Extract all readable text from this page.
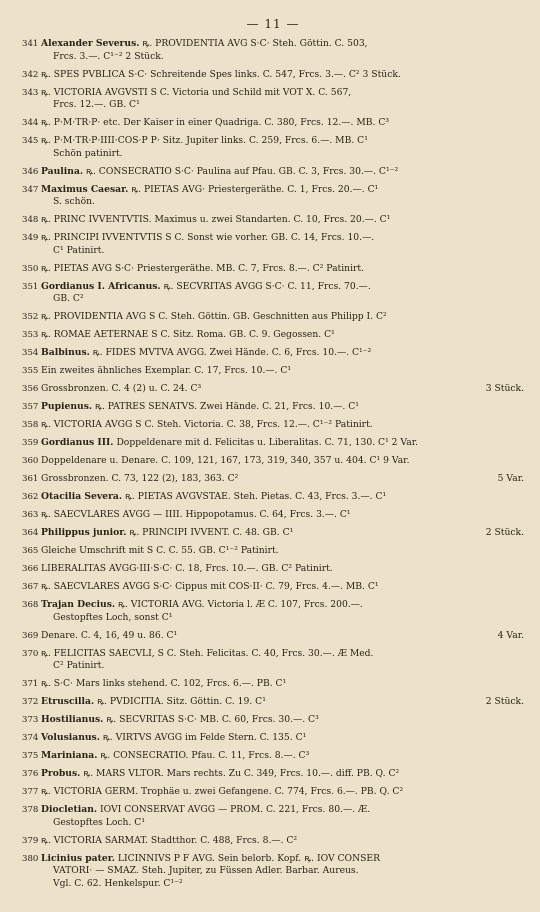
— 11 —
341 Alexander Severus. ꝶ. PROVIDENTIA AVG S·C· Steh. Göttin. C. 503,
Frcs. 3.—. C¹⁻² 2 Stück.
342 ꝶ. SPES PVBLICA S·C· Schreitende Spes links. C. 547, Frcs. 3.—. C² 3 Stück.
343 ꝶ. VICTORIA AVGVSTI S C. Victoria und Schild mit VOT X. C. 567,
Frcs. 12.—. GB. C¹
344 ꝶ. P·M·TR·P· etc. Der Kaiser in einer Quadriga. C. 380, Frcs. 12.—. MB. C³
345 ꝶ. P·M·TR·P·IIII·COS·P P· Sitz. Jupiter links. C. 259, Frcs. 6.—. MB. C¹
Schön patinirt.
346 Paulina. ꝶ. CONSECRATIO S·C· Paulina auf Pfau. GB. C. 3, Frcs. 30.—. C¹⁻²
347 Maximus Caesar. ꝶ. PIETAS AVG· Priestergeräthe. C. 1, Frcs. 20.—. C¹
S. schön.
348 ꝶ. PRINC IVVENTVTIS. Maximus u. zwei Standarten. C. 10, Frcs. 20.—. C¹
349 ꝶ. PRINCIPI IVVENTVTIS S C. Sonst wie vorher. GB. C. 14, Frcs. 10.—.
C¹ Patinirt.
350 ꝶ. PIETAS AVG S·C· Priestergeräthe. MB. C. 7, Frcs. 8.—. C² Patinirt.
351 Gordianus I. Africanus. ꝶ. SECVRITAS AVGG S·C· C. 11, Frcs. 70.—.
GB. C²
352 ꝶ. PROVIDENTIA AVG S C. Steh. Göttin. GB. Geschnitten aus Philipp I. C²
353 ꝶ. ROMAE AETERNAE S C. Sitz. Roma. GB. C. 9. Gegossen. C¹
354 Balbinus. ꝶ. FIDES MVTVA AVGG. Zwei Hände. C. 6, Frcs. 10.—. C¹⁻²
355 Ein zweites ähnliches Exemplar. C. 17, Frcs. 10.—. C¹
356 Grossbronzen. C. 4 (2) u. C. 24. C³	3 Stück.
357 Pupienus. ꝶ. PATRES SENATVS. Zwei Hände. C. 21, Frcs. 10.—. C¹
358 ꝶ. VICTORIA AVGG S C. Steh. Victoria. C. 38, Frcs. 12.—. C¹⁻² Patinirt.
359 Gordianus III. Doppeldenare mit d. Felicitas u. Liberalitas. C. 71, 130. C¹ 2 Var.
360 Doppeldenare u. Denare. C. 109, 121, 167, 173, 319, 340, 357 u. 404. C¹ 9 Var.
361 Grossbronzen. C. 73, 122 (2), 183, 363. C²	5 Var.
362 Otacilia Severa. ꝶ. PIETAS AVGVSTAE. Steh. Pietas. C. 43, Frcs. 3.—. C¹
363 ꝶ. SAECVLARES AVGG — IIII. Hippopotamus. C. 64, Frcs. 3.—. C¹
364 Philippus junior. ꝶ. PRINCIPI IVVENT. C. 48. GB. C¹	2 Stück.
365 Gleiche Umschrift mit S C. C. 55. GB. C¹⁻² Patinirt.
366 LIBERALITAS AVGG·III·S·C· C. 18, Frcs. 10.—. GB. C² Patinirt.
367 ꝶ. SAECVLARES AVGG S·C· Cippus mit COS·II· C. 79, Frcs. 4.—. MB. C¹
368 Trajan Decius. ꝶ. VICTORIA AVG. Victoria l. Æ C. 107, Frcs. 200.—.
Gestopftes Loch, sonst C¹
369 Denare. C. 4, 16, 49 u. 86. C¹	4 Var.
370 ꝶ. FELICITAS SAECVLI, S C. Steh. Felicitas. C. 40, Frcs. 30.—. Æ Med.
C² Patinirt.
371 ꝶ. S·C· Mars links stehend. C. 102, Frcs. 6.—. PB. C¹
372 Etruscilla. ꝶ. PVDICITIA. Sitz. Göttin. C. 19. C¹	2 Stück.
373 Hostilianus. ꝶ. SECVRITAS S·C· MB. C. 60, Frcs. 30.—. C³
374 Volusianus. ꝶ. VIRTVS AVGG im Felde Stern. C. 135. C¹
375 Mariniana. ꝶ. CONSECRATIO. Pfau. C. 11, Frcs. 8.—. C³
376 Probus. ꝶ. MARS VLTOR. Mars rechts. Zu C. 349, Frcs. 10.—. diff. PB. Q. C²
377 ꝶ. VICTORIA GERM. Trophäe u. zwei Gefangene. C. 774, Frcs. 6.—. PB. Q. C²
378 Diocletian. IOVI CONSERVAT AVGG — PROM. C. 221, Frcs. 80.—. Æ.
Gestopftes Loch. C¹
379 ꝶ. VICTORIA SARMAT. Stadtthor. C. 488, Frcs. 8.—. C²
380 Licinius pater. LICINNIVS P F AVG. Sein belorb. Kopf. ꝶ. IOV CONSER
VATORI· — SMAZ. Steh. Jupiter, zu Füssen Adler. Barbar. Aureus.
Vgl. C. 62. Henkelspur. C¹⁻²
